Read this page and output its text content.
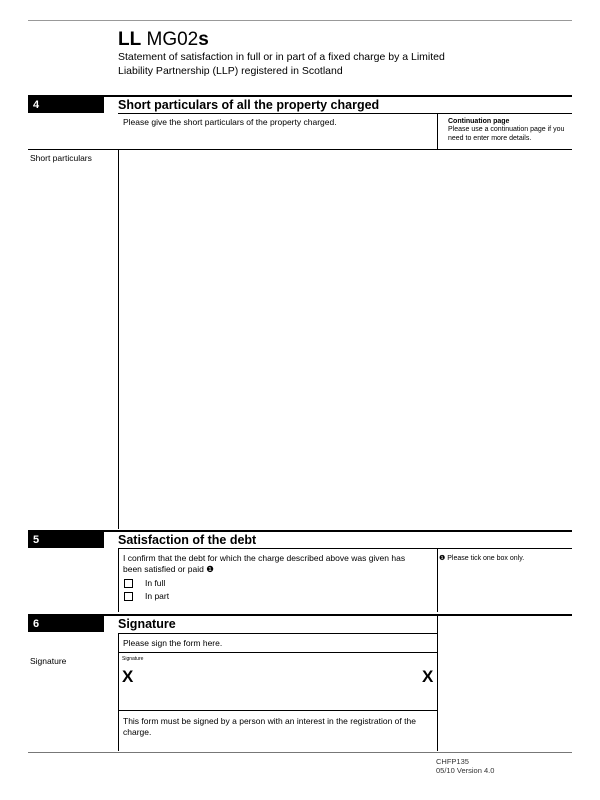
LL MG02s
Statement of satisfaction in full or in part of a fixed charge by a Limited Liability Partnership (LLP) registered in Scotland
4	Short particulars of all the property charged
Please give the short particulars of the property charged.	Continuation page
Please use a continuation page if you need to enter more details.
Short particulars
5	Satisfaction of the debt
I confirm that the debt for which the charge described above was given has been satisfied or paid ❶
In full
In part
❶ Please tick one box only.
6	Signature
Please sign the form here.
Signature	Signature
X	X
This form must be signed by a person with an interest in the registration of the charge.
CHFP135
05/10 Version 4.0
